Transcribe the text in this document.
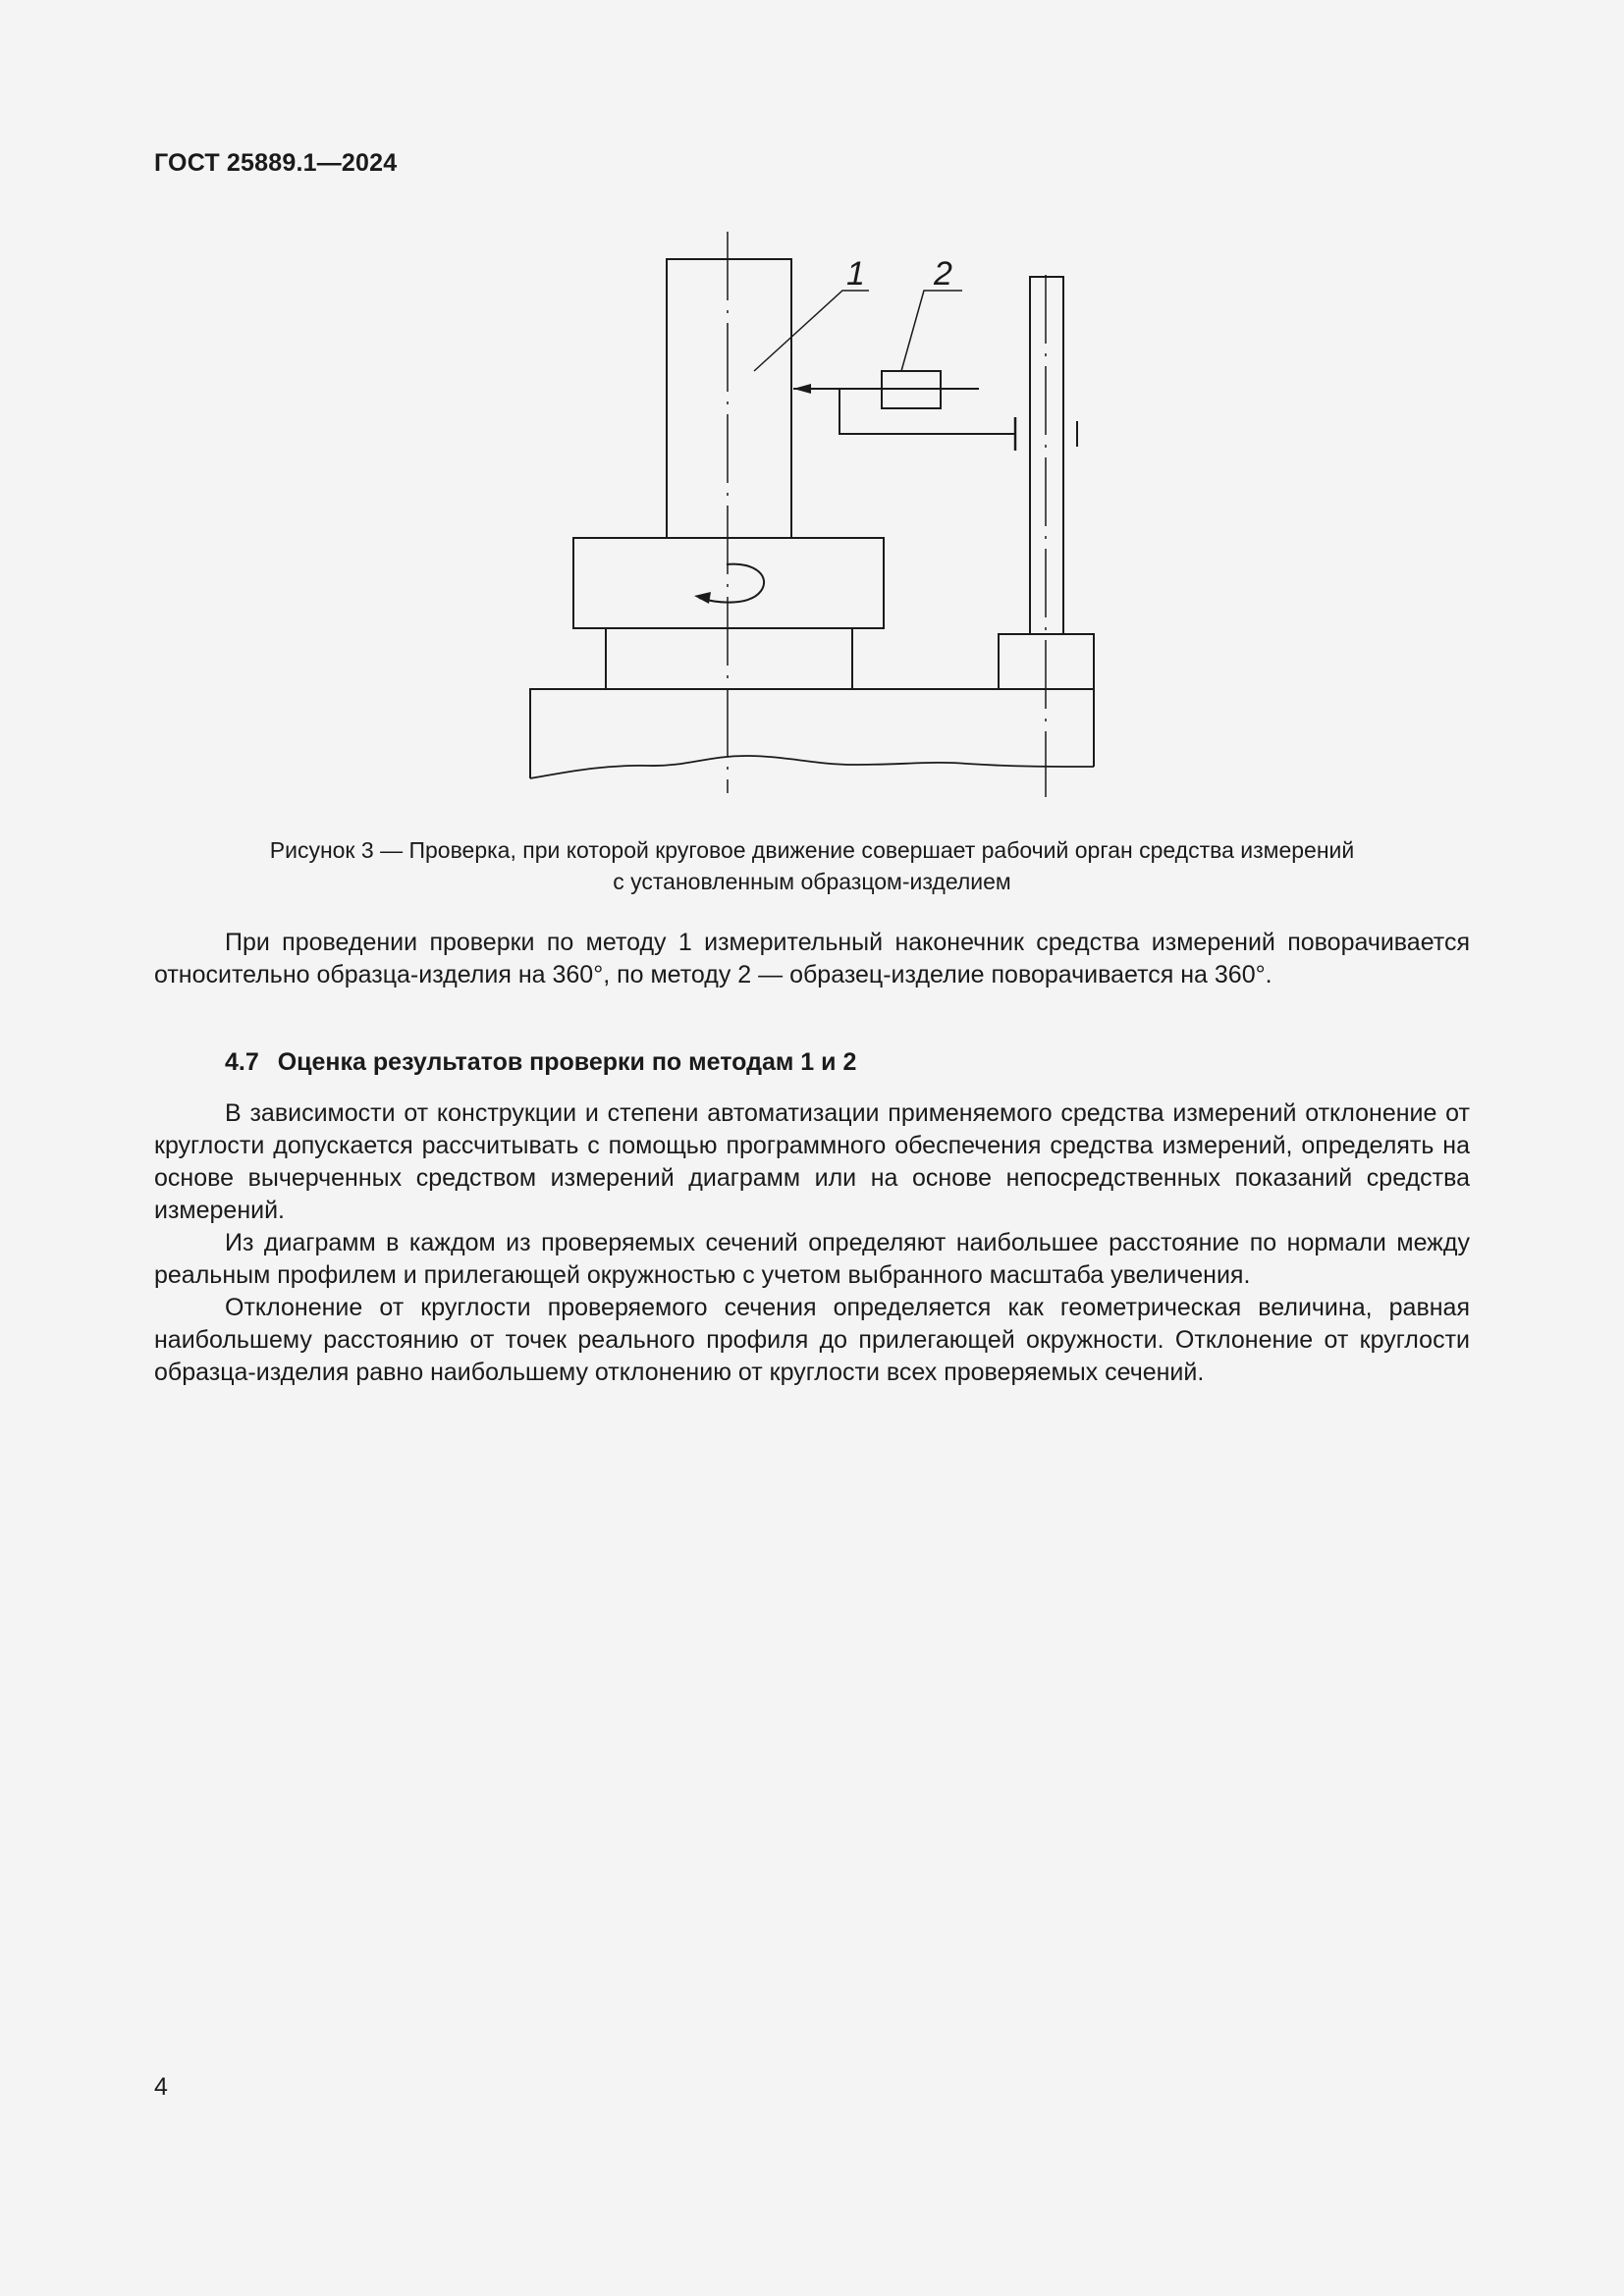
ГОСТ 25889.1—2024
1 2
Рисунок 3 — Проверка, при которой круговое движение совершает рабочий орган средства измерений
с установленным образцом-изделием

При проведении проверки по методу 1 измерительный наконечник средства измерений поворачивается относительно образца-изделия на 360°, по методу 2 — образец-изделие поворачивается на 360°.

4.7 Оценка результатов проверки по методам 1 и 2

В зависимости от конструкции и степени автоматизации применяемого средства измерений отклонение от круглости допускается рассчитывать с помощью программного обеспечения средства измерений, определять на основе вычерченных средством измерений диаграмм или на основе непосредственных показаний средства измерений.

Из диаграмм в каждом из проверяемых сечений определяют наибольшее расстояние по нормали между реальным профилем и прилегающей окружностью с учетом выбранного масштаба увеличения.

Отклонение от круглости проверяемого сечения определяется как геометрическая величина, равная наибольшему расстоянию от точек реального профиля до прилегающей окружности. Отклонение от круглости образца-изделия равно наибольшему отклонению от круглости всех проверяемых сечений.

4
